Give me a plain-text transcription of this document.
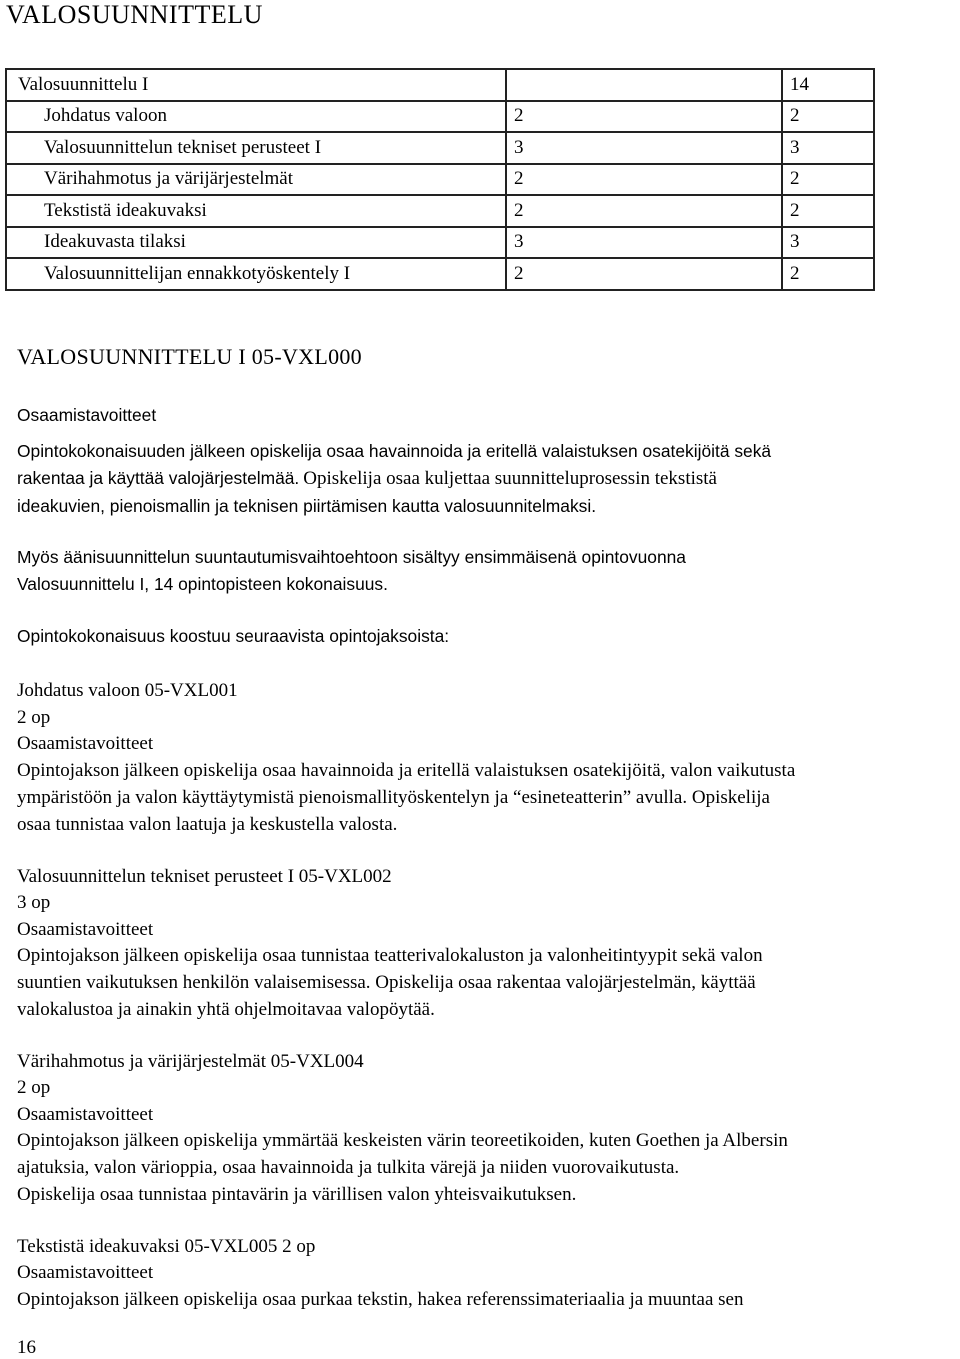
VALOSUUNNITTELU
Valosuunnittelu I		14

Johdatus valoon	2	2

Valosuunnittelun tekniset perusteet I	3	3

Värihahmotus ja värijärjestelmät	2	2

Tekstistä ideakuvaksi	2	2

Ideakuvasta tilaksi	3	3

Valosuunnittelijan ennakkotyöskentely I	2	2
VALOSUUNNITTELU I 05-VXL000
Osaamistavoitteet
Opintokokonaisuuden jälkeen opiskelija osaa havainnoida ja eritellä valaistuksen osatekijöitä sekä
rakentaa ja käyttää valojärjestelmää. Opiskelija osaa kuljettaa suunnitteluprosessin tekstistä
ideakuvien, pienoismallin ja teknisen piirtämisen kautta valosuunnitelmaksi.
Myös äänisuunnittelun suuntautumisvaihtoehtoon sisältyy ensimmäisenä opintovuonna
Valosuunnittelu I, 14 opintopisteen kokonaisuus.
Opintokokonaisuus koostuu seuraavista opintojaksoista:
Johdatus valoon 05-VXL001
2 op
Osaamistavoitteet
Opintojakson jälkeen opiskelija osaa havainnoida ja eritellä valaistuksen osatekijöitä, valon vaikutusta
ympäristöön ja valon käyttäytymistä pienoismallityöskentelyn ja “esineteatterin” avulla. Opiskelija
osaa tunnistaa valon laatuja ja keskustella valosta.
Valosuunnittelun tekniset perusteet I 05-VXL002
3 op
Osaamistavoitteet
Opintojakson jälkeen opiskelija osaa tunnistaa teatterivalokaluston ja valonheitintyypit sekä valon
suuntien vaikutuksen henkilön valaisemisessa. Opiskelija osaa rakentaa valojärjestelmän, käyttää
valokalustoa ja ainakin yhtä ohjelmoitavaa valopöytää.
Värihahmotus ja värijärjestelmät 05-VXL004
2 op
Osaamistavoitteet
Opintojakson jälkeen opiskelija ymmärtää keskeisten värin teoreetikoiden, kuten Goethen ja Albersin
ajatuksia, valon värioppia, osaa havainnoida ja tulkita värejä ja niiden vuorovaikutusta.
Opiskelija osaa tunnistaa pintavärin ja värillisen valon yhteisvaikutuksen.
Tekstistä ideakuvaksi 05-VXL005 2 op
Osaamistavoitteet
Opintojakson jälkeen opiskelija osaa purkaa tekstin, hakea referenssimateriaalia ja muuntaa sen
16
